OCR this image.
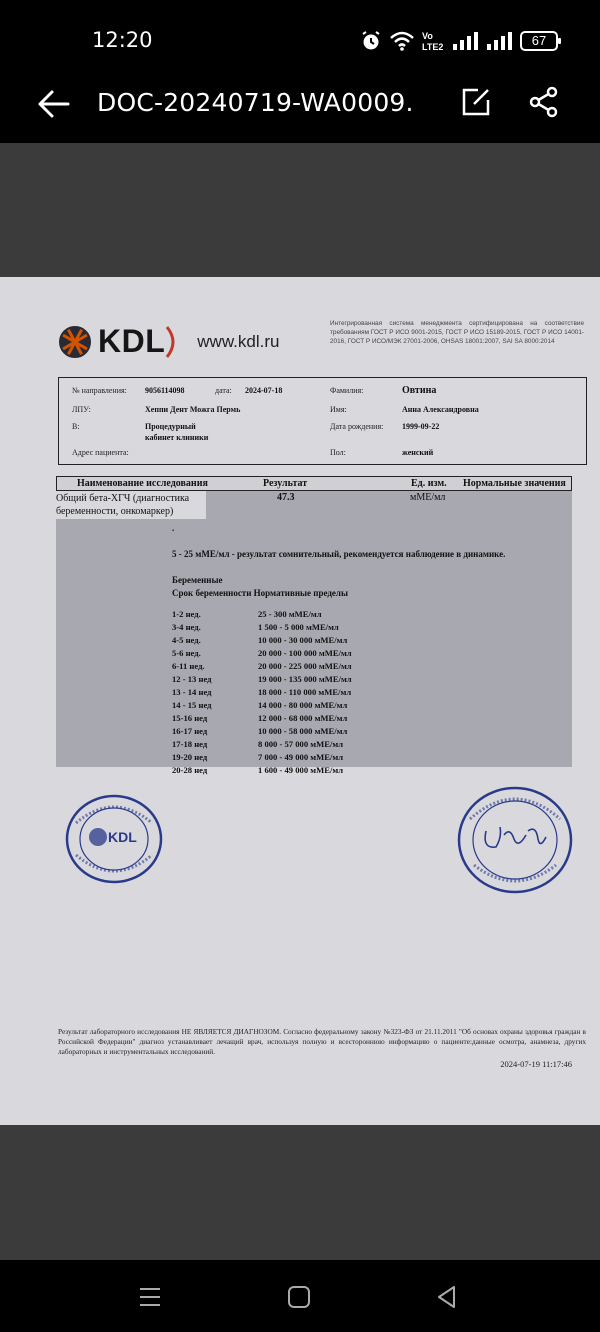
12:20	Vo
LTE2	67
DOC-20240719-WA0009.
KDL www.kdl.ru
Интегрированная система менеджмента сертифицирована на соответствие требованиям ГОСТ Р ИСО 9001-2015, ГОСТ Р ИСО 15189-2015, ГОСТ Р ИСО 14001-2016, ГОСТ Р ИСО/МЭК 27001-2006, OHSAS 18001:2007, SAI SA 8000:2014
№ направления: 9056114098	дата: 2024-07-18	Фамилия:	Овтина
ЛПУ:	Хеппи Дент Можга Пермь	Имя:	Анна Александровна
В:	Процедурный
кабинет клиники
Дата рождения: 1999-09-22
Адрес пациента:	Пол:	женский
Наименование исследования	Результат	Ед. изм. Нормальные значения
Общий бета-ХГЧ (диагностика
беременности, онкомаркер)
47.3	мМЕ/мл
.
5 - 25 мМЕ/мл - результат сомнительный, рекомендуется наблюдение в динамике.
Беременные
Срок беременности Нормативные пределы
1-2 нед.	25 - 300 мМЕ/мл
3-4 нед.	1 500 - 5 000 мМЕ/мл
4-5 нед.	10 000 - 30 000 мМЕ/мл
5-6 нед.	20 000 - 100 000 мМЕ/мл
6-11 нед.	20 000 - 225 000 мМЕ/мл
12 - 13 нед	19 000 - 135 000 мМЕ/мл
13 - 14 нед	18 000 - 110 000 мМЕ/мл
14 - 15 нед	14 000 - 80 000 мМЕ/мл
15-16 нед	12 000 - 68 000 мМЕ/мл
16-17 нед	10 000 - 58 000 мМЕ/мл
17-18 нед	8 000 - 57 000 мМЕ/мл
19-20 нед	7 000 - 49 000 мМЕ/мл
20-28 нед	1 600 - 49 000 мМЕ/мл
KDL
Результат лабораторного исследования НЕ ЯВЛЯЕТСЯ ДИАГНОЗОМ. Согласно федеральному закону №323-ФЗ от 21.11.2011 "Об основах охраны здоровья граждан в Российской Федерации" диагноз устанавливает лечащий врач, используя полную и всестороннюю информацию о пациенте:данные осмотра, анамнеза, других лабораторных и инструментальных исследований.
2024-07-19 11:17:46
